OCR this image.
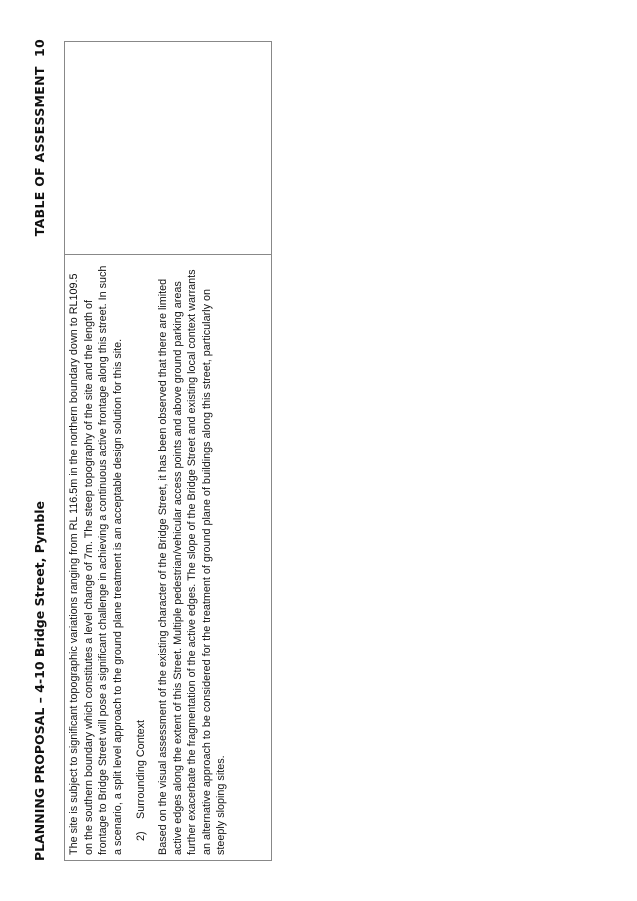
PLANNING PROPOSAL – 4-10 Bridge Street, Pymble
TABLE OF ASSESSMENT  10

The site is subject to significant topographic variations ranging from RL 116.5m in the northern boundary down to RL109.5 on the southern boundary which constitutes a level change of 7m. The steep topography of the site and the length of frontage to Bridge Street will pose a significant challenge in achieving a continuous active frontage along this street. In such a scenario, a split level approach to the ground plane treatment is an acceptable design solution for this site. 2)Surrounding Context Based on the visual assessment of the existing character of the Bridge Street, it has been observed that there are limited active edges along the extent of this Street. Multiple pedestrian/vehicular access points and above ground parking areas further exacerbate the fragmentation of the active edges. The slope of the Bridge Street and existing local context warrants an alternative approach to be considered for the treatment of ground plane of buildings along this street, particularly on steeply sloping sites.
